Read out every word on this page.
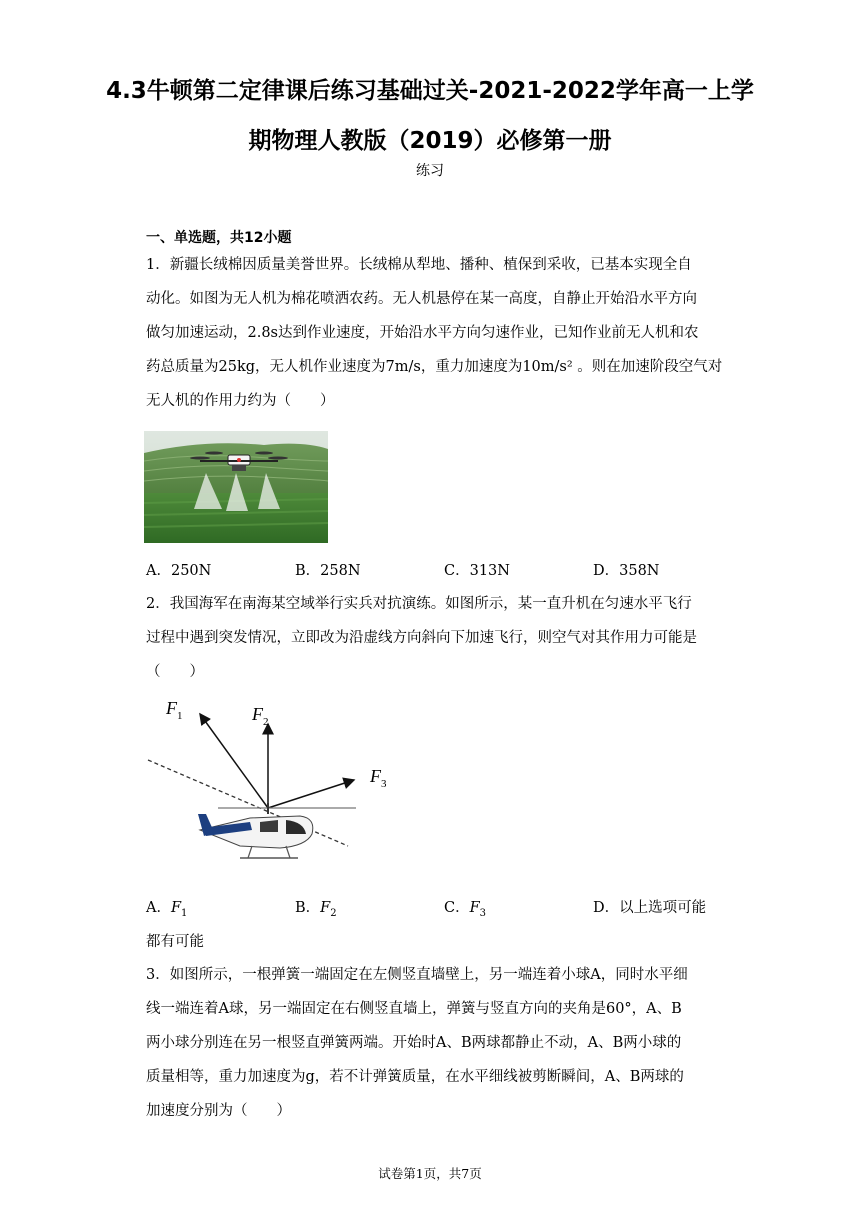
4.3牛顿第二定律课后练习基础过关-2021-2022学年高一上学
期物理人教版（2019）必修第一册
练习
一、单选题，共12小题
1．新疆长绒棉因质量美誉世界。长绒棉从犁地、播种、植保到采收，已基本实现全自
动化。如图为无人机为棉花喷洒农药。无人机悬停在某一高度，自静止开始沿水平方向
做匀加速运动，2.8s达到作业速度，开始沿水平方向匀速作业，已知作业前无人机和农
药总质量为25kg，无人机作业速度为7m/s，重力加速度为10m/s² 。则在加速阶段空气对
无人机的作用力约为（　　）
A．250N	B．258N	C．313N	D．358N
2．我国海军在南海某空域举行实兵对抗演练。如图所示，某一直升机在匀速水平飞行
过程中遇到突发情况，立即改为沿虚线方向斜向下加速飞行，则空气对其作用力可能是
（　　）
$F_1$	$F_2$
$F_3$
A．$F_1$	B．$F_2$	C．$F_3$	D．以上选项可能
都有可能
3．如图所示，一根弹簧一端固定在左侧竖直墙壁上，另一端连着小球A，同时水平细
线一端连着A球，另一端固定在右侧竖直墙上，弹簧与竖直方向的夹角是60°，A、B
两小球分别连在另一根竖直弹簧两端。开始时A、B两球都静止不动，A、B两小球的
质量相等，重力加速度为g，若不计弹簧质量，在水平细线被剪断瞬间，A、B两球的
加速度分别为（　　）
试卷第1页，共7页
